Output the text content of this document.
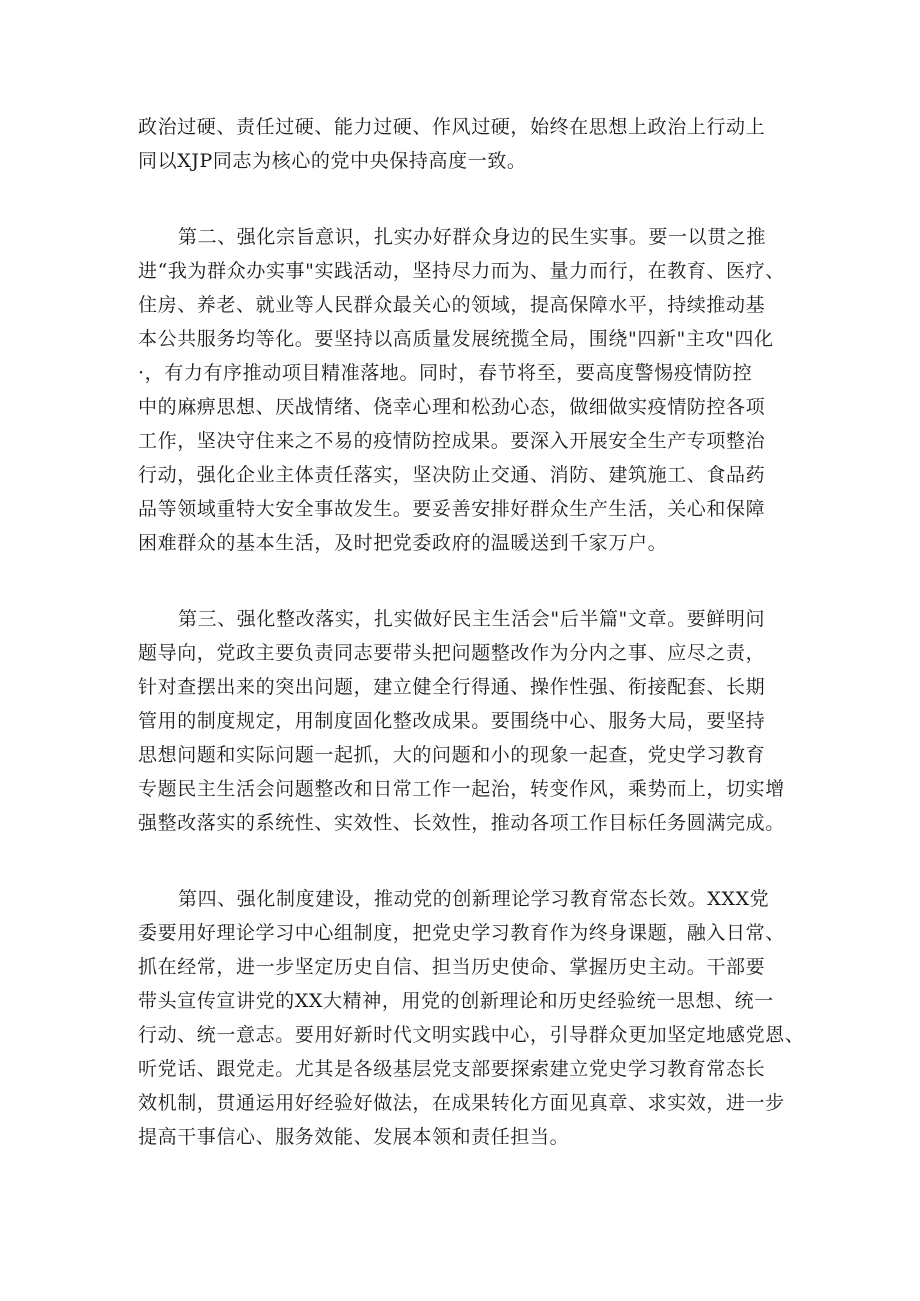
政治过硬、责任过硬、能力过硬、作风过硬，始终在思想上政治上行动上
同以XJP同志为核心的党中央保持高度一致。
第二、强化宗旨意识，扎实办好群众身边的民生实事。要一以贯之推
进“我为群众办实事"实践活动，坚持尽力而为、量力而行，在教育、医疗、
住房、养老、就业等人民群众最关心的领域，提高保障水平，持续推动基
本公共服务均等化。要坚持以高质量发展统揽全局，围绕"四新"主攻"四化
·，有力有序推动项目精准落地。同时，春节将至，要高度警惕疫情防控
中的麻痹思想、厌战情绪、侥幸心理和松劲心态，做细做实疫情防控各项
工作，坚决守住来之不易的疫情防控成果。要深入开展安全生产专项整治
行动，强化企业主体责任落实，坚决防止交通、消防、建筑施工、食品药
品等领域重特大安全事故发生。要妥善安排好群众生产生活，关心和保障
困难群众的基本生活，及时把党委政府的温暖送到千家万户。
第三、强化整改落实，扎实做好民主生活会"后半篇"文章。要鲜明问
题导向，党政主要负责同志要带头把问题整改作为分内之事、应尽之责，
针对查摆出来的突出问题，建立健全行得通、操作性强、衔接配套、长期
管用的制度规定，用制度固化整改成果。要围绕中心、服务大局，要坚持
思想问题和实际问题一起抓，大的问题和小的现象一起查，党史学习教育
专题民主生活会问题整改和日常工作一起治，转变作风，乘势而上，切实增
强整改落实的系统性、实效性、长效性，推动各项工作目标任务圆满完成。
第四、强化制度建设，推动党的创新理论学习教育常态长效。XXX党
委要用好理论学习中心组制度，把党史学习教育作为终身课题，融入日常、
抓在经常，进一步坚定历史自信、担当历史使命、掌握历史主动。干部要
带头宣传宣讲党的XX大精神，用党的创新理论和历史经验统一思想、统一
行动、统一意志。要用好新时代文明实践中心，引导群众更加坚定地感党恩、
听党话、跟党走。尤其是各级基层党支部要探索建立党史学习教育常态长
效机制，贯通运用好经验好做法，在成果转化方面见真章、求实效，进一步
提高干事信心、服务效能、发展本领和责任担当。
